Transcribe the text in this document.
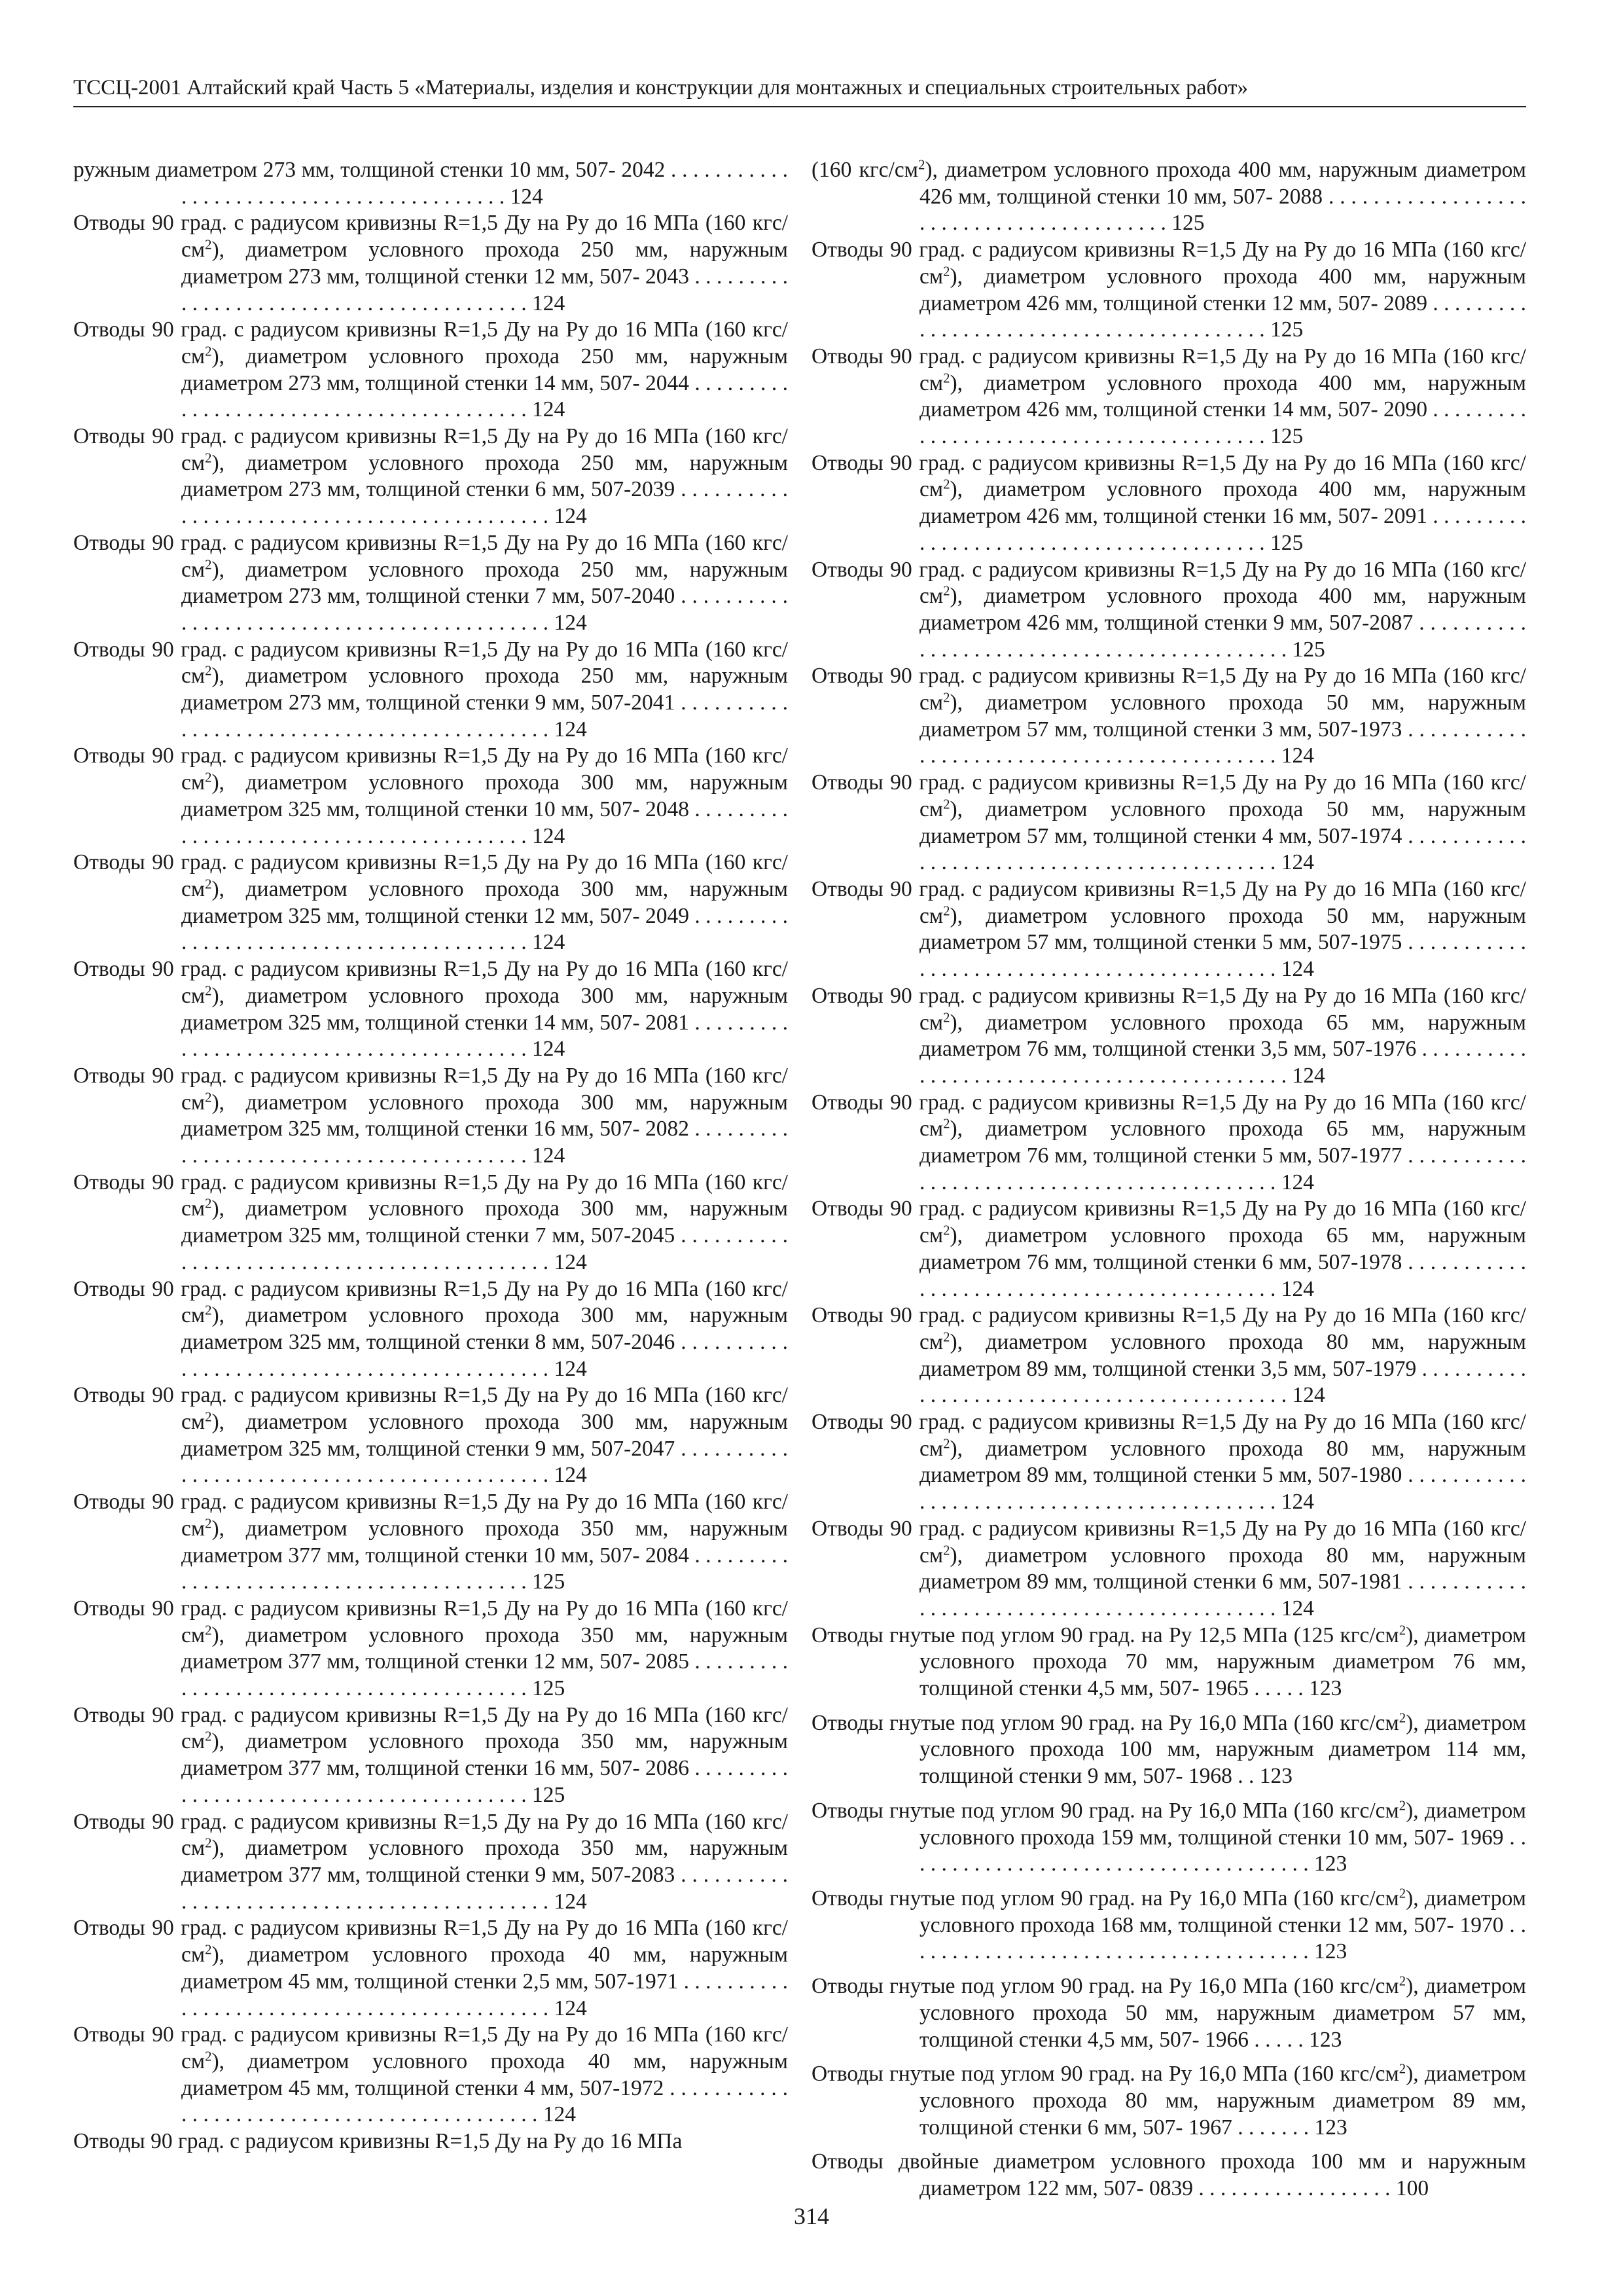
ТССЦ-2001 Алтайский край Часть 5 «Материалы, изделия и конструкции для монтажных и специальных строительных работ»

ружным диаметром 273 мм, толщиной стенки 10 мм, 507- 2042 . . . . . . . . . . . . . . . . . . . . . . . . . . . . . . . . . . . . . . . . . 124

Отводы 90 град. с радиусом кривизны R=1,5 Ду на Ру до 16 МПа (160 кгс/$см^2$), диаметром условного прохода 250 мм, наружным диаметром 273 мм, толщиной стенки 12 мм, 507- 2043 . . . . . . . . . . . . . . . . . . . . . . . . . . . . . . . . . . . . . . . . . 124

Отводы 90 град. с радиусом кривизны R=1,5 Ду на Ру до 16 МПа (160 кгс/$см^2$), диаметром условного прохода 250 мм, наружным диаметром 273 мм, толщиной стенки 14 мм, 507- 2044 . . . . . . . . . . . . . . . . . . . . . . . . . . . . . . . . . . . . . . . . . 124

Отводы 90 град. с радиусом кривизны R=1,5 Ду на Ру до 16 МПа (160 кгс/$см^2$), диаметром условного прохода 250 мм, наружным диаметром 273 мм, толщиной стенки 6 мм, 507-2039 . . . . . . . . . . . . . . . . . . . . . . . . . . . . . . . . . . . . . . . . . . . . 124

Отводы 90 град. с радиусом кривизны R=1,5 Ду на Ру до 16 МПа (160 кгс/$см^2$), диаметром условного прохода 250 мм, наружным диаметром 273 мм, толщиной стенки 7 мм, 507-2040 . . . . . . . . . . . . . . . . . . . . . . . . . . . . . . . . . . . . . . . . . . . . 124

Отводы 90 град. с радиусом кривизны R=1,5 Ду на Ру до 16 МПа (160 кгс/$см^2$), диаметром условного прохода 250 мм, наружным диаметром 273 мм, толщиной стенки 9 мм, 507-2041 . . . . . . . . . . . . . . . . . . . . . . . . . . . . . . . . . . . . . . . . . . . . 124

Отводы 90 град. с радиусом кривизны R=1,5 Ду на Ру до 16 МПа (160 кгс/$см^2$), диаметром условного прохода 300 мм, наружным диаметром 325 мм, толщиной стенки 10 мм, 507- 2048 . . . . . . . . . . . . . . . . . . . . . . . . . . . . . . . . . . . . . . . . . 124

Отводы 90 град. с радиусом кривизны R=1,5 Ду на Ру до 16 МПа (160 кгс/$см^2$), диаметром условного прохода 300 мм, наружным диаметром 325 мм, толщиной стенки 12 мм, 507- 2049 . . . . . . . . . . . . . . . . . . . . . . . . . . . . . . . . . . . . . . . . . 124

Отводы 90 град. с радиусом кривизны R=1,5 Ду на Ру до 16 МПа (160 кгс/$см^2$), диаметром условного прохода 300 мм, наружным диаметром 325 мм, толщиной стенки 14 мм, 507- 2081 . . . . . . . . . . . . . . . . . . . . . . . . . . . . . . . . . . . . . . . . . 124

Отводы 90 град. с радиусом кривизны R=1,5 Ду на Ру до 16 МПа (160 кгс/$см^2$), диаметром условного прохода 300 мм, наружным диаметром 325 мм, толщиной стенки 16 мм, 507- 2082 . . . . . . . . . . . . . . . . . . . . . . . . . . . . . . . . . . . . . . . . . 124

Отводы 90 град. с радиусом кривизны R=1,5 Ду на Ру до 16 МПа (160 кгс/$см^2$), диаметром условного прохода 300 мм, наружным диаметром 325 мм, толщиной стенки 7 мм, 507-2045 . . . . . . . . . . . . . . . . . . . . . . . . . . . . . . . . . . . . . . . . . . . . 124

Отводы 90 град. с радиусом кривизны R=1,5 Ду на Ру до 16 МПа (160 кгс/$см^2$), диаметром условного прохода 300 мм, наружным диаметром 325 мм, толщиной стенки 8 мм, 507-2046 . . . . . . . . . . . . . . . . . . . . . . . . . . . . . . . . . . . . . . . . . . . . 124

Отводы 90 град. с радиусом кривизны R=1,5 Ду на Ру до 16 МПа (160 кгс/$см^2$), диаметром условного прохода 300 мм, наружным диаметром 325 мм, толщиной стенки 9 мм, 507-2047 . . . . . . . . . . . . . . . . . . . . . . . . . . . . . . . . . . . . . . . . . . . . 124

Отводы 90 град. с радиусом кривизны R=1,5 Ду на Ру до 16 МПа (160 кгс/$см^2$), диаметром условного прохода 350 мм, наружным диаметром 377 мм, толщиной стенки 10 мм, 507- 2084 . . . . . . . . . . . . . . . . . . . . . . . . . . . . . . . . . . . . . . . . . 125

Отводы 90 град. с радиусом кривизны R=1,5 Ду на Ру до 16 МПа (160 кгс/$см^2$), диаметром условного прохода 350 мм, наружным диаметром 377 мм, толщиной стенки 12 мм, 507- 2085 . . . . . . . . . . . . . . . . . . . . . . . . . . . . . . . . . . . . . . . . . 125

Отводы 90 град. с радиусом кривизны R=1,5 Ду на Ру до 16 МПа (160 кгс/$см^2$), диаметром условного прохода 350 мм, наружным диаметром 377 мм, толщиной стенки 16 мм, 507- 2086 . . . . . . . . . . . . . . . . . . . . . . . . . . . . . . . . . . . . . . . . . 125

Отводы 90 град. с радиусом кривизны R=1,5 Ду на Ру до 16 МПа (160 кгс/$см^2$), диаметром условного прохода 350 мм, наружным диаметром 377 мм, толщиной стенки 9 мм, 507-2083 . . . . . . . . . . . . . . . . . . . . . . . . . . . . . . . . . . . . . . . . . . . . 124

Отводы 90 град. с радиусом кривизны R=1,5 Ду на Ру до 16 МПа (160 кгс/$см^2$), диаметром условного прохода 40 мм, наружным диаметром 45 мм, толщиной стенки 2,5 мм, 507-1971 . . . . . . . . . . . . . . . . . . . . . . . . . . . . . . . . . . . . . . . . . . . . 124

Отводы 90 град. с радиусом кривизны R=1,5 Ду на Ру до 16 МПа (160 кгс/$см^2$), диаметром условного прохода 40 мм, наружным диаметром 45 мм, толщиной стенки 4 мм, 507-1972 . . . . . . . . . . . . . . . . . . . . . . . . . . . . . . . . . . . . . . . . . . . . 124

Отводы 90 град. с радиусом кривизны R=1,5 Ду на Ру до 16 МПа

(160 кгс/$см^2$), диаметром условного прохода 400 мм, наружным диаметром 426 мм, толщиной стенки 10 мм, 507- 2088 . . . . . . . . . . . . . . . . . . . . . . . . . . . . . . . . . . . . . . . . . 125

Отводы 90 град. с радиусом кривизны R=1,5 Ду на Ру до 16 МПа (160 кгс/$см^2$), диаметром условного прохода 400 мм, наружным диаметром 426 мм, толщиной стенки 12 мм, 507- 2089 . . . . . . . . . . . . . . . . . . . . . . . . . . . . . . . . . . . . . . . . . 125

Отводы 90 град. с радиусом кривизны R=1,5 Ду на Ру до 16 МПа (160 кгс/$см^2$), диаметром условного прохода 400 мм, наружным диаметром 426 мм, толщиной стенки 14 мм, 507- 2090 . . . . . . . . . . . . . . . . . . . . . . . . . . . . . . . . . . . . . . . . . 125

Отводы 90 град. с радиусом кривизны R=1,5 Ду на Ру до 16 МПа (160 кгс/$см^2$), диаметром условного прохода 400 мм, наружным диаметром 426 мм, толщиной стенки 16 мм, 507- 2091 . . . . . . . . . . . . . . . . . . . . . . . . . . . . . . . . . . . . . . . . . 125

Отводы 90 град. с радиусом кривизны R=1,5 Ду на Ру до 16 МПа (160 кгс/$см^2$), диаметром условного прохода 400 мм, наружным диаметром 426 мм, толщиной стенки 9 мм, 507-2087 . . . . . . . . . . . . . . . . . . . . . . . . . . . . . . . . . . . . . . . . . . . . 125

Отводы 90 град. с радиусом кривизны R=1,5 Ду на Ру до 16 МПа (160 кгс/$см^2$), диаметром условного прохода 50 мм, наружным диаметром 57 мм, толщиной стенки 3 мм, 507-1973 . . . . . . . . . . . . . . . . . . . . . . . . . . . . . . . . . . . . . . . . . . . . 124

Отводы 90 град. с радиусом кривизны R=1,5 Ду на Ру до 16 МПа (160 кгс/$см^2$), диаметром условного прохода 50 мм, наружным диаметром 57 мм, толщиной стенки 4 мм, 507-1974 . . . . . . . . . . . . . . . . . . . . . . . . . . . . . . . . . . . . . . . . . . . . 124

Отводы 90 град. с радиусом кривизны R=1,5 Ду на Ру до 16 МПа (160 кгс/$см^2$), диаметром условного прохода 50 мм, наружным диаметром 57 мм, толщиной стенки 5 мм, 507-1975 . . . . . . . . . . . . . . . . . . . . . . . . . . . . . . . . . . . . . . . . . . . . 124

Отводы 90 град. с радиусом кривизны R=1,5 Ду на Ру до 16 МПа (160 кгс/$см^2$), диаметром условного прохода 65 мм, наружным диаметром 76 мм, толщиной стенки 3,5 мм, 507-1976 . . . . . . . . . . . . . . . . . . . . . . . . . . . . . . . . . . . . . . . . . . . . 124

Отводы 90 град. с радиусом кривизны R=1,5 Ду на Ру до 16 МПа (160 кгс/$см^2$), диаметром условного прохода 65 мм, наружным диаметром 76 мм, толщиной стенки 5 мм, 507-1977 . . . . . . . . . . . . . . . . . . . . . . . . . . . . . . . . . . . . . . . . . . . . 124

Отводы 90 град. с радиусом кривизны R=1,5 Ду на Ру до 16 МПа (160 кгс/$см^2$), диаметром условного прохода 65 мм, наружным диаметром 76 мм, толщиной стенки 6 мм, 507-1978 . . . . . . . . . . . . . . . . . . . . . . . . . . . . . . . . . . . . . . . . . . . . 124

Отводы 90 град. с радиусом кривизны R=1,5 Ду на Ру до 16 МПа (160 кгс/$см^2$), диаметром условного прохода 80 мм, наружным диаметром 89 мм, толщиной стенки 3,5 мм, 507-1979 . . . . . . . . . . . . . . . . . . . . . . . . . . . . . . . . . . . . . . . . . . . . 124

Отводы 90 град. с радиусом кривизны R=1,5 Ду на Ру до 16 МПа (160 кгс/$см^2$), диаметром условного прохода 80 мм, наружным диаметром 89 мм, толщиной стенки 5 мм, 507-1980 . . . . . . . . . . . . . . . . . . . . . . . . . . . . . . . . . . . . . . . . . . . . 124

Отводы 90 град. с радиусом кривизны R=1,5 Ду на Ру до 16 МПа (160 кгс/$см^2$), диаметром условного прохода 80 мм, наружным диаметром 89 мм, толщиной стенки 6 мм, 507-1981 . . . . . . . . . . . . . . . . . . . . . . . . . . . . . . . . . . . . . . . . . . . . 124

Отводы гнутые под углом 90 град. на Ру 12,5 МПа (125 кгс/$см^2$), диаметром условного прохода 70 мм, наружным диаметром 76 мм, толщиной стенки 4,5 мм, 507- 1965 . . . . . 123

Отводы гнутые под углом 90 град. на Ру 16,0 МПа (160 кгс/$см^2$), диаметром условного прохода 100 мм, наружным диаметром 114 мм, толщиной стенки 9 мм, 507- 1968 . . 123

Отводы гнутые под углом 90 град. на Ру 16,0 МПа (160 кгс/$см^2$), диаметром условного прохода 159 мм, толщиной стенки 10 мм, 507- 1969 . . . . . . . . . . . . . . . . . . . . . . . . . . . . . . . . . . . . . . 123

Отводы гнутые под углом 90 град. на Ру 16,0 МПа (160 кгс/$см^2$), диаметром условного прохода 168 мм, толщиной стенки 12 мм, 507- 1970 . . . . . . . . . . . . . . . . . . . . . . . . . . . . . . . . . . . . . . 123

Отводы гнутые под углом 90 град. на Ру 16,0 МПа (160 кгс/$см^2$), диаметром условного прохода 50 мм, наружным диаметром 57 мм, толщиной стенки 4,5 мм, 507- 1966 . . . . . 123

Отводы гнутые под углом 90 град. на Ру 16,0 МПа (160 кгс/$см^2$), диаметром условного прохода 80 мм, наружным диаметром 89 мм, толщиной стенки 6 мм, 507- 1967 . . . . . . . 123

Отводы двойные диаметром условного прохода 100 мм и наружным диаметром 122 мм, 507- 0839 . . . . . . . . . . . . . . . . . . 100

314
